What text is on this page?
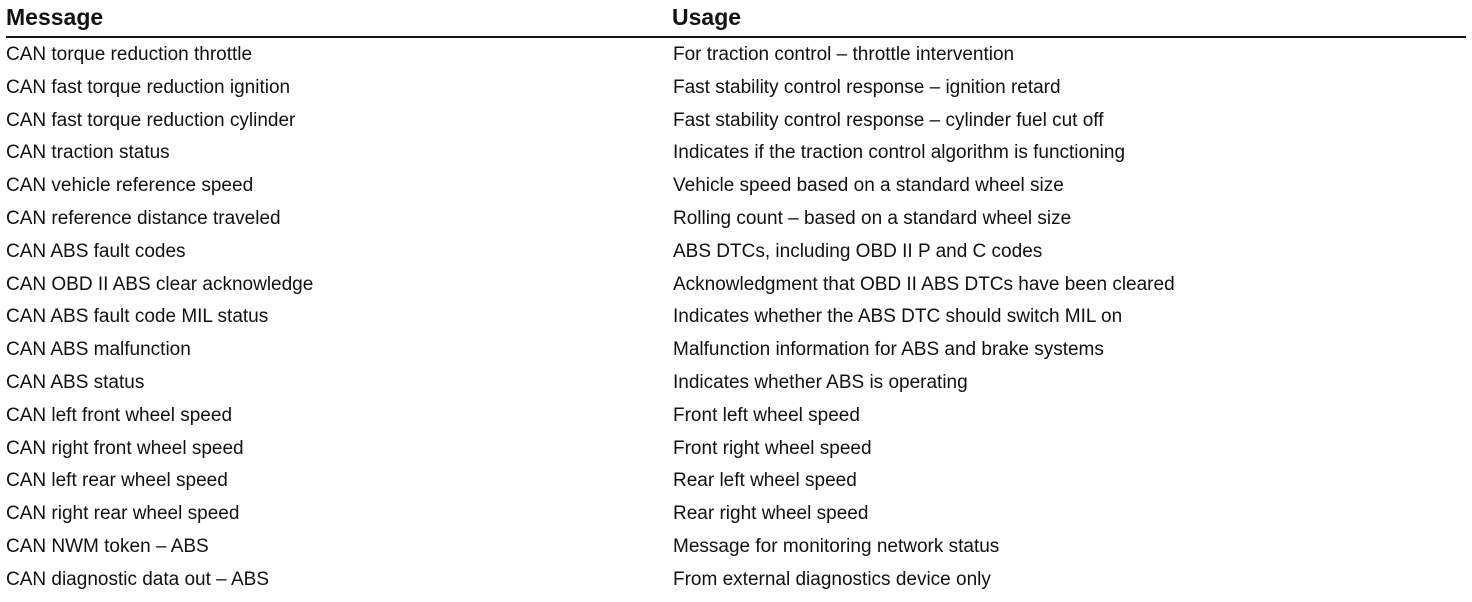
Message	Usage
CAN torque reduction throttle	For traction control – throttle intervention
CAN fast torque reduction ignition	Fast stability control response – ignition retard
CAN fast torque reduction cylinder	Fast stability control response – cylinder fuel cut off
CAN traction status	Indicates if the traction control algorithm is functioning
CAN vehicle reference speed	Vehicle speed based on a standard wheel size
CAN reference distance traveled	Rolling count – based on a standard wheel size
CAN ABS fault codes	ABS DTCs, including OBD II P and C codes
CAN OBD II ABS clear acknowledge	Acknowledgment that OBD II ABS DTCs have been cleared
CAN ABS fault code MIL status	Indicates whether the ABS DTC should switch MIL on
CAN ABS malfunction	Malfunction information for ABS and brake systems
CAN ABS status	Indicates whether ABS is operating
CAN left front wheel speed	Front left wheel speed
CAN right front wheel speed	Front right wheel speed
CAN left rear wheel speed	Rear left wheel speed
CAN right rear wheel speed	Rear right wheel speed
CAN NWM token – ABS	Message for monitoring network status
CAN diagnostic data out – ABS	From external diagnostics device only
